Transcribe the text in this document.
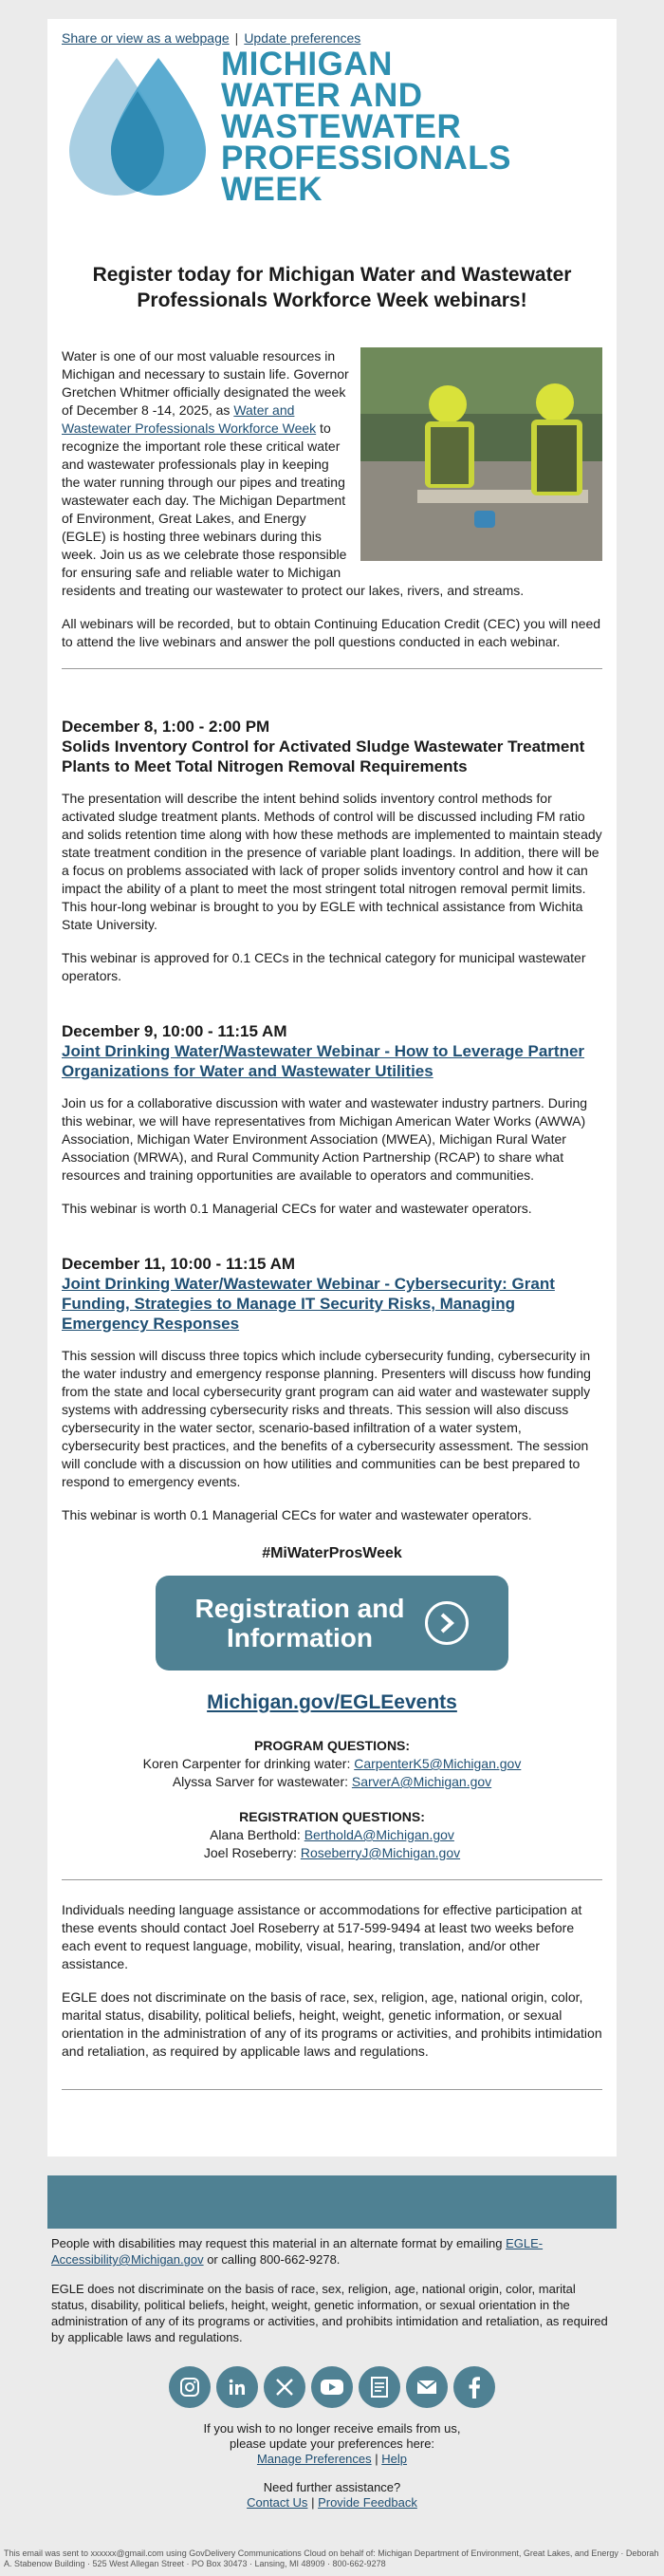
Share or view as a webpage | Update preferences
MICHIGAN
WATER AND WASTEWATER
PROFESSIONALS WEEK
Register today for Michigan Water and Wastewater Professionals Workforce Week webinars!

Water is one of our most valuable resources in Michigan and necessary to sustain life. Governor Gretchen Whitmer officially designated the week of December 8 -14, 2025, as Water and Wastewater Professionals Workforce Week to recognize the important role these critical water and wastewater professionals play in keeping the water running through our pipes and treating wastewater each day. The Michigan Department of Environment, Great Lakes, and Energy (EGLE) is hosting three webinars during this week. Join us as we celebrate those responsible for ensuring safe and reliable water to Michigan residents and treating our wastewater to protect our lakes, rivers, and streams.

All webinars will be recorded, but to obtain Continuing Education Credit (CEC) you will need to attend the live webinars and answer the poll questions conducted in each webinar.

December 8, 1:00 - 2:00 PM
Solids Inventory Control for Activated Sludge Wastewater Treatment Plants to Meet Total Nitrogen Removal Requirements

The presentation will describe the intent behind solids inventory control methods for activated sludge treatment plants. Methods of control will be discussed including FM ratio and solids retention time along with how these methods are implemented to maintain steady state treatment condition in the presence of variable plant loadings. In addition, there will be a focus on problems associated with lack of proper solids inventory control and how it can impact the ability of a plant to meet the most stringent total nitrogen removal permit limits. This hour-long webinar is brought to you by EGLE with technical assistance from Wichita State University.

This webinar is approved for 0.1 CECs in the technical category for municipal wastewater operators.

December 9, 10:00 - 11:15 AM
Joint Drinking Water/Wastewater Webinar - How to Leverage Partner Organizations for Water and Wastewater Utilities

Join us for a collaborative discussion with water and wastewater industry partners. During this webinar, we will have representatives from Michigan American Water Works (AWWA) Association, Michigan Water Environment Association (MWEA), Michigan Rural Water Association (MRWA), and Rural Community Action Partnership (RCAP) to share what resources and training opportunities are available to operators and communities.

This webinar is worth 0.1 Managerial CECs for water and wastewater operators.

December 11, 10:00 - 11:15 AM
Joint Drinking Water/Wastewater Webinar - Cybersecurity: Grant Funding, Strategies to Manage IT Security Risks, Managing Emergency Responses

This session will discuss three topics which include cybersecurity funding, cybersecurity in the water industry and emergency response planning. Presenters will discuss how funding from the state and local cybersecurity grant program can aid water and wastewater supply systems with addressing cybersecurity risks and threats. This session will also discuss cybersecurity in the water sector, scenario-based infiltration of a water system, cybersecurity best practices, and the benefits of a cybersecurity assessment. The session will conclude with a discussion on how utilities and communities can be best prepared to respond to emergency events.

This webinar is worth 0.1 Managerial CECs for water and wastewater operators.

#MiWaterProsWeek
Registration and
Information
Michigan.gov/EGLEevents
PROGRAM QUESTIONS:
Koren Carpenter for drinking water: CarpenterK5@Michigan.gov
Alyssa Sarver for wastewater: SarverA@Michigan.gov
REGISTRATION QUESTIONS:
Alana Berthold: BertholdA@Michigan.gov
Joel Roseberry: RoseberryJ@Michigan.gov

Individuals needing language assistance or accommodations for effective participation at these events should contact Joel Roseberry at 517-599-9494 at least two weeks before each event to request language, mobility, visual, hearing, translation, and/or other assistance.

EGLE does not discriminate on the basis of race, sex, religion, age, national origin, color, marital status, disability, political beliefs, height, weight, genetic information, or sexual orientation in the administration of any of its programs or activities, and prohibits intimidation and retaliation, as required by applicable laws and regulations.

People with disabilities may request this material in an alternate format by emailing EGLE-Accessibility@Michigan.gov or calling 800-662-9278.

EGLE does not discriminate on the basis of race, sex, religion, age, national origin, color, marital status, disability, political beliefs, height, weight, genetic information, or sexual orientation in the administration of any of its programs or activities, and prohibits intimidation and retaliation, as required by applicable laws and regulations.

If you wish to no longer receive emails from us,
please update your preferences here:
Manage Preferences | Help
Need further assistance?
Contact Us | Provide Feedback
This email was sent to xxxxxx@gmail.com using GovDelivery Communications Cloud on behalf of: Michigan Department of Environment, Great Lakes, and Energy · Deborah A. Stabenow Building · 525 West Allegan Street · PO Box 30473 · Lansing, MI 48909 · 800-662-9278
